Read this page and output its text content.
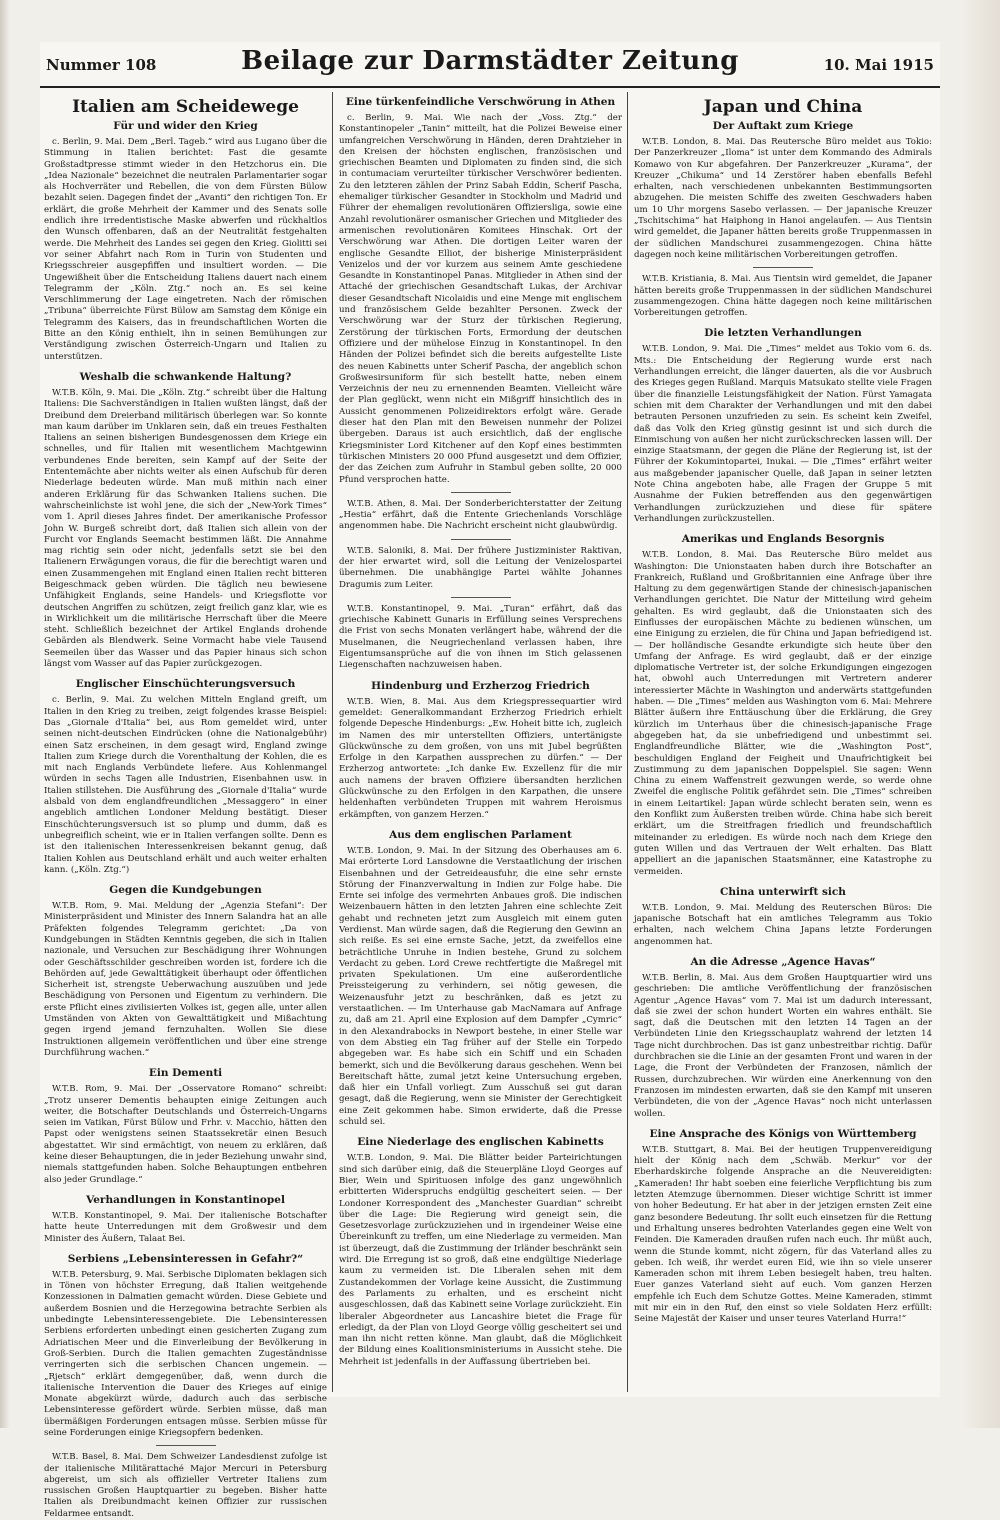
Nummer 108	Beilage zur Darmstädter Zeitung	10. Mai 1915
Italien am Scheidewege
Für und wider den Krieg

c. Berlin, 9. Mai. Dem „Berl. Tageb.“ wird aus Lugano über die Stimmung in Italien berichtet: Fast die gesamte Großstadtpresse stimmt wieder in den Hetzchorus ein. Die „Idea Nazionale“ bezeichnet die neutralen Parlamentarier sogar als Hochverräter und Rebellen, die von dem Fürsten Bülow bezahlt seien. Dagegen findet der „Avanti“ den richtigen Ton. Er erklärt, die große Mehrheit der Kammer und des Senats solle endlich ihre irredentistische Maske abwerfen und rückhaltlos den Wunsch offenbaren, daß an der Neutralität festgehalten werde. Die Mehrheit des Landes sei gegen den Krieg. Giolitti sei vor seiner Abfahrt nach Rom in Turin von Studenten und Kriegsschreier ausgepfiffen und insultiert worden. — Die Ungewißheit über die Entscheidung Italiens dauert nach einem Telegramm der „Köln. Ztg.“ noch an. Es sei keine Verschlimmerung der Lage eingetreten. Nach der römischen „Tribuna“ überreichte Fürst Bülow am Samstag dem Könige ein Telegramm des Kaisers, das in freundschaftlichen Worten die Bitte an den König enthielt, ihn in seinen Bemühungen zur Verständigung zwischen Österreich-Ungarn und Italien zu unterstützen.

Weshalb die schwankende Haltung?

W.T.B. Köln, 9. Mai. Die „Köln. Ztg.“ schreibt über die Haltung Italiens: Die Sachverständigen in Italien wußten längst, daß der Dreibund dem Dreierband militärisch überlegen war. So konnte man kaum darüber im Unklaren sein, daß ein treues Festhalten Italiens an seinen bisherigen Bundesgenossen dem Kriege ein schnelles, und für Italien mit wesentlichem Machtgewinn verbundenes Ende bereiten, sein Kampf auf der Seite der Ententemächte aber nichts weiter als einen Aufschub für deren Niederlage bedeuten würde. Man muß mithin nach einer anderen Erklärung für das Schwanken Italiens suchen. Die wahrscheinlichste ist wohl jene, die sich der „New-York Times“ vom 1. April dieses Jahres findet. Der amerikanische Professor John W. Burgeß schreibt dort, daß Italien sich allein von der Furcht vor Englands Seemacht bestimmen läßt. Die Annahme mag richtig sein oder nicht, jedenfalls setzt sie bei den Italienern Erwägungen voraus, die für die berechtigt waren und einen Zusammengehen mit England einen Italien recht bitteren Beigeschmack geben würden. Die täglich neu bewiesene Unfähigkeit Englands, seine Handels- und Kriegsflotte vor deutschen Angriffen zu schützen, zeigt freilich ganz klar, wie es in Wirklichkeit um die militärische Herrschaft über die Meere steht. Schließlich bezeichnet der Artikel Englands drohende Gebärden als Blendwerk. Seine Vormacht habe viele Tausend Seemeilen über das Wasser und das Papier hinaus sich schon längst vom Wasser auf das Papier zurückgezogen.

Englischer Einschüchterungsversuch

c. Berlin, 9. Mai. Zu welchen Mitteln England greift, um Italien in den Krieg zu treiben, zeigt folgendes krasse Beispiel: Das „Giornale d'Italia“ bei, aus Rom gemeldet wird, unter seinen nicht-deutschen Eindrücken (ohne die Nationalgebühr) einen Satz erscheinen, in dem gesagt wird, England zwinge Italien zum Kriege durch die Vorenthaltung der Kohlen, die es mit nach Englands Verbündete liefere. Aus Kohlenmangel würden in sechs Tagen alle Industrien, Eisenbahnen usw. in Italien stillstehen. Die Ausführung des „Giornale d'Italia“ wurde alsbald von dem englandfreundlichen „Messaggero“ in einer angeblich amtlichen Londoner Meldung bestätigt. Dieser Einschüchterungsversuch ist so plump und dumm, daß es unbegreiflich scheint, wie er in Italien verfangen sollte. Denn es ist den italienischen Interessenkreisen bekannt genug, daß Italien Kohlen aus Deutschland erhält und auch weiter erhalten kann. („Köln. Ztg.“)

Gegen die Kundgebungen

W.T.B. Rom, 9. Mai. Meldung der „Agenzia Stefani“: Der Ministerpräsident und Minister des Innern Salandra hat an alle Präfekten folgendes Telegramm gerichtet: „Da von Kundgebungen in Städten Kenntnis gegeben, die sich in Italien nazionale, und Versuchen zur Beschädigung ihrer Wohnungen oder Geschäftsschilder geschreiben worden ist, fordere ich die Behörden auf, jede Gewalttätigkeit überhaupt oder öffentlichen Sicherheit ist, strengste Ueberwachung auszuüben und jede Beschädigung von Personen und Eigentum zu verhindern. Die erste Pflicht eines zivilisierten Volkes ist, gegen alle, unter allen Umständen von Akten von Gewalttätigkeit und Mißachtung gegen irgend jemand fernzuhalten. Wollen Sie diese Instruktionen allgemein veröffentlichen und über eine strenge Durchführung wachen.“

Ein Dementi

W.T.B. Rom, 9. Mai. Der „Osservatore Romano“ schreibt: „Trotz unserer Dementis behaupten einige Zeitungen auch weiter, die Botschafter Deutschlands und Österreich-Ungarns seien im Vatikan, Fürst Bülow und Frhr. v. Macchio, hätten den Papst oder wenigstens seinen Staatssekretär einen Besuch abgestattet. Wir sind ermächtigt, von neuem zu erklären, daß keine dieser Behauptungen, die in jeder Beziehung unwahr sind, niemals stattgefunden haben. Solche Behauptungen entbehren also jeder Grundlage.“

Verhandlungen in Konstantinopel

W.T.B. Konstantinopel, 9. Mai. Der italienische Botschafter hatte heute Unterredungen mit dem Großwesir und dem Minister des Äußern, Talaat Bei.

Serbiens „Lebensinteressen in Gefahr?“

W.T.B. Petersburg, 9. Mai. Serbische Diplomaten beklagen sich in Tönen von höchster Erregung, daß Italien weitgehende Konzessionen in Dalmatien gemacht würden. Diese Gebiete und außerdem Bosnien und die Herzegowina betrachte Serbien als unbedingte Lebensinteressengebiete. Die Lebensinteressen Serbiens erforderten unbedingt einen gesicherten Zugang zum Adriatischen Meer und die Einverleibung der Bevölkerung in Groß-Serbien. Durch die Italien gemachten Zugeständnisse verringerten sich die serbischen Chancen ungemein. — „Rjetsch“ erklärt demgegenüber, daß, wenn durch die italienische Intervention die Dauer des Krieges auf einige Monate abgekürzt würde, dadurch auch das serbische Lebensinteresse gefördert würde. Serbien müsse, daß man übermäßigen Forderungen entsagen müsse. Serbien müsse für seine Forderungen einige Kriegsopfern bedenken.

W.T.B. Basel, 8. Mai. Dem Schweizer Landesdienst zufolge ist der italienische Militärattaché Major Mercuri in Petersburg abgereist, um sich als offizieller Vertreter Italiens zum russischen Großen Hauptquartier zu begeben. Bisher hatte Italien als Dreibundmacht keinen Offizier zur russischen Feldarmee entsandt.

Eine türkenfeindliche Verschwörung in Athen

c. Berlin, 9. Mai. Wie nach der „Voss. Ztg.“ der Konstantinopeler „Tanin“ mitteilt, hat die Polizei Beweise einer umfangreichen Verschwörung in Händen, deren Drahtzieher in den Kreisen der höchsten englischen, französischen und griechischen Beamten und Diplomaten zu finden sind, die sich in contumaciam verurteilter türkischer Verschwörer bedienten. Zu den letzteren zählen der Prinz Sabah Eddin, Scherif Pascha, ehemaliger türkischer Gesandter in Stockholm und Madrid und Führer der ehemaligen revolutionären Offiziersliga, sowie eine Anzahl revolutionärer osmanischer Griechen und Mitglieder des armenischen revolutionären Komitees Hinschak. Ort der Verschwörung war Athen. Die dortigen Leiter waren der englische Gesandte Elliot, der bisherige Ministerpräsident Venizelos und der vor kurzem aus seinem Amte geschiedene Gesandte in Konstantinopel Panas. Mitglieder in Athen sind der Attaché der griechischen Gesandtschaft Lukas, der Archivar dieser Gesandtschaft Nicolaidis und eine Menge mit englischem und französischem Gelde bezahlter Personen. Zweck der Verschwörung war der Sturz der türkischen Regierung, Zerstörung der türkischen Forts, Ermordung der deutschen Offiziere und der mühelose Einzug in Konstantinopel. In den Händen der Polizei befindet sich die bereits aufgestellte Liste des neuen Kabinetts unter Scherif Pascha, der angeblich schon Großwesirsuniform für sich bestellt hatte, neben einem Verzeichnis der neu zu ernennenden Beamten. Vielleicht wäre der Plan geglückt, wenn nicht ein Mißgriff hinsichtlich des in Aussicht genommenen Polizeidirektors erfolgt wäre. Gerade dieser hat den Plan mit den Beweisen nunmehr der Polizei übergeben. Daraus ist auch ersichtlich, daß der englische Kriegsminister Lord Kitchener auf den Kopf eines bestimmten türkischen Ministers 20 000 Pfund ausgesetzt und dem Offizier, der das Zeichen zum Aufruhr in Stambul geben sollte, 20 000 Pfund versprochen hatte.

W.T.B. Athen, 8. Mai. Der Sonderberichterstatter der Zeitung „Hestia“ erfährt, daß die Entente Griechenlands Vorschläge angenommen habe. Die Nachricht erscheint nicht glaubwürdig.

W.T.B. Saloniki, 8. Mai. Der frühere Justizminister Raktivan, der hier erwartet wird, soll die Leitung der Venizelospartei übernehmen. Die unabhängige Partei wählte Johannes Dragumis zum Leiter.

W.T.B. Konstantinopel, 9. Mai. „Turan“ erfährt, daß das griechische Kabinett Gunaris in Erfüllung seines Versprechens die Frist von sechs Monaten verlängert habe, während der die Muselmanen, die Neugriechenland verlassen haben, ihre Eigentumsansprüche auf die von ihnen im Stich gelassenen Liegenschaften nachzuweisen haben.

Hindenburg und Erzherzog Friedrich

W.T.B. Wien, 8. Mai. Aus dem Kriegspressequartier wird gemeldet: Generalkommandant Erzherzog Friedrich erhielt folgende Depesche Hindenburgs: „Ew. Hoheit bitte ich, zugleich im Namen des mir unterstellten Offiziers, untertänigste Glückwünsche zu dem großen, von uns mit Jubel begrüßten Erfolge in den Karpathen aussprechen zu dürfen.“ — Der Erzherzog antwortete: „Ich danke Ew. Exzellenz für die mir auch namens der braven Offiziere übersandten herzlichen Glückwünsche zu den Erfolgen in den Karpathen, die unsere heldenhaften verbündeten Truppen mit wahrem Heroismus erkämpften, von ganzem Herzen.“

Aus dem englischen Parlament

W.T.B. London, 9. Mai. In der Sitzung des Oberhauses am 6. Mai erörterte Lord Lansdowne die Verstaatlichung der irischen Eisenbahnen und der Getreideausfuhr, die eine sehr ernste Störung der Finanzverwaltung in Indien zur Folge habe. Die Ernte sei infolge des vermehrten Anbaues groß. Die indischen Weizenbauern hätten in den letzten Jahren eine schlechte Zeit gehabt und rechneten jetzt zum Ausgleich mit einem guten Verdienst. Man würde sagen, daß die Regierung den Gewinn an sich reiße. Es sei eine ernste Sache, jetzt, da zweifellos eine beträchtliche Unruhe in Indien bestehe, Grund zu solchem Verdacht zu geben. Lord Crewe rechtfertigte die Maßregel mit privaten Spekulationen. Um eine außerordentliche Preissteigerung zu verhindern, sei nötig gewesen, die Weizenausfuhr jetzt zu beschränken, daß es jetzt zu verstaatlichen. — Im Unterhause gab MacNamara auf Anfrage zu, daß am 21. April eine Explosion auf dem Dampfer „Cymric“ in den Alexandrabocks in Newport bestehe, in einer Stelle war von dem Abstieg ein Tag früher auf der Stelle ein Torpedo abgegeben war. Es habe sich ein Schiff und ein Schaden bemerkt, sich und die Bevölkerung daraus geschehen. Wenn bei Bereitschaft hätte, zumal jetzt keine Untersuchung ergeben, daß hier ein Unfall vorliegt. Zum Ausschuß sei gut daran gesagt, daß die Regierung, wenn sie Minister der Gerechtigkeit eine Zeit gekommen habe. Simon erwiderte, daß die Presse schuld sei.

Eine Niederlage des englischen Kabinetts

W.T.B. London, 9. Mai. Die Blätter beider Parteirichtungen sind sich darüber einig, daß die Steuerpläne Lloyd Georges auf Bier, Wein und Spirituosen infolge des ganz ungewöhnlich erbitterten Widerspruchs endgültig gescheitert seien. — Der Londoner Korrespondent des „Manchester Guardian“ schreibt über die Lage: Die Regierung wird geneigt sein, die Gesetzesvorlage zurückzuziehen und in irgendeiner Weise eine Übereinkunft zu treffen, um eine Niederlage zu vermeiden. Man ist überzeugt, daß die Zustimmung der Irländer beschränkt sein wird. Die Erregung ist so groß, daß eine endgültige Niederlage kaum zu vermeiden ist. Die Liberalen sehen mit dem Zustandekommen der Vorlage keine Aussicht, die Zustimmung des Parlaments zu erhalten, und es erscheint nicht ausgeschlossen, daß das Kabinett seine Vorlage zurückzieht. Ein liberaler Abgeordneter aus Lancashire bietet die Frage für erledigt, da der Plan von Lloyd George völlig gescheitert sei und man ihn nicht retten könne. Man glaubt, daß die Möglichkeit der Bildung eines Koalitionsministeriums in Aussicht stehe. Die Mehrheit ist jedenfalls in der Auffassung übertrieben bei.

Japan und China
Der Auftakt zum Kriege

W.T.B. London, 8. Mai. Das Reutersche Büro meldet aus Tokio: Der Panzerkreuzer „Iloma“ ist unter dem Kommando des Admirals Komawo von Kur abgefahren. Der Panzerkreuzer „Kurama“, der Kreuzer „Chikuma“ und 14 Zerstörer haben ebenfalls Befehl erhalten, nach verschiedenen unbekannten Bestimmungsorten abzugehen. Die meisten Schiffe des zweiten Geschwaders haben um 10 Uhr morgens Sasebo verlassen. — Der japanische Kreuzer „Tschitschima“ hat Haiphong in Hanoi angelaufen. — Aus Tientsin wird gemeldet, die Japaner hätten bereits große Truppenmassen in der südlichen Mandschurei zusammengezogen. China hätte dagegen noch keine militärischen Vorbereitungen getroffen.

W.T.B. Kristiania, 8. Mai. Aus Tientsin wird gemeldet, die Japaner hätten bereits große Truppenmassen in der südlichen Mandschurei zusammengezogen. China hätte dagegen noch keine militärischen Vorbereitungen getroffen.

Die letzten Verhandlungen

W.T.B. London, 9. Mai. Die „Times“ meldet aus Tokio vom 6. ds. Mts.: Die Entscheidung der Regierung wurde erst nach Verhandlungen erreicht, die länger dauerten, als die vor Ausbruch des Krieges gegen Rußland. Marquis Matsukato stellte viele Fragen über die finanzielle Leistungsfähigkeit der Nation. Fürst Yamagata schien mit dem Charakter der Verhandlungen und mit den dabei betrauten Personen unzufrieden zu sein. Es scheint kein Zweifel, daß das Volk den Krieg günstig gesinnt ist und sich durch die Einmischung von außen her nicht zurückschrecken lassen will. Der einzige Staatsmann, der gegen die Pläne der Regierung ist, ist der Führer der Kokumintopartei, Inukai. — Die „Times“ erfährt weiter aus maßgebender japanischer Quelle, daß Japan in seiner letzten Note China angeboten habe, alle Fragen der Gruppe 5 mit Ausnahme der Fukien betreffenden aus den gegenwärtigen Verhandlungen zurückzuziehen und diese für spätere Verhandlungen zurückzustellen.

Amerikas und Englands Besorgnis

W.T.B. London, 8. Mai. Das Reutersche Büro meldet aus Washington: Die Unionstaaten haben durch ihre Botschafter an Frankreich, Rußland und Großbritannien eine Anfrage über ihre Haltung zu dem gegenwärtigen Stande der chinesisch-japanischen Verhandlungen gerichtet. Die Natur der Mitteilung wird geheim gehalten. Es wird geglaubt, daß die Unionstaaten sich des Einflusses der europäischen Mächte zu bedienen wünschen, um eine Einigung zu erzielen, die für China und Japan befriedigend ist. — Der holländische Gesandte erkundigte sich heute über den Umfang der Anfrage. Es wird geglaubt, daß er der einzige diplomatische Vertreter ist, der solche Erkundigungen eingezogen hat, obwohl auch Unterredungen mit Vertretern anderer interessierter Mächte in Washington und anderwärts stattgefunden haben. — Die „Times“ melden aus Washington vom 6. Mai: Mehrere Blätter äußern ihre Enttäuschung über die Erklärung, die Grey kürzlich im Unterhaus über die chinesisch-japanische Frage abgegeben hat, da sie unbefriedigend und unbestimmt sei. Englandfreundliche Blätter, wie die „Washington Post“, beschuldigen England der Feigheit und Unaufrichtigkeit bei Zustimmung zu dem japanischen Doppelspiel. Sie sagen: Wenn China zu einem Waffenstreit gezwungen werde, so werde ohne Zweifel die englische Politik gefährdet sein. Die „Times“ schreiben in einem Leitartikel: Japan würde schlecht beraten sein, wenn es den Konflikt zum Äußersten treiben würde. China habe sich bereit erklärt, um die Streitfragen friedlich und freundschaftlich miteinander zu erledigen. Es würde noch nach dem Kriege den guten Willen und das Vertrauen der Welt erhalten. Das Blatt appelliert an die japanischen Staatsmänner, eine Katastrophe zu vermeiden.

China unterwirft sich

W.T.B. London, 9. Mai. Meldung des Reuterschen Büros: Die japanische Botschaft hat ein amtliches Telegramm aus Tokio erhalten, nach welchem China Japans letzte Forderungen angenommen hat.

An die Adresse „Agence Havas“

W.T.B. Berlin, 8. Mai. Aus dem Großen Hauptquartier wird uns geschrieben: Die amtliche Veröffentlichung der französischen Agentur „Agence Havas“ vom 7. Mai ist um dadurch interessant, daß sie zwei der schon hundert Worten ein wahres enthält. Sie sagt, daß die Deutschen mit den letzten 14 Tagen an der Verbündeten Linie den Kriegsschauplatz wahrend der letzten 14 Tage nicht durchbrochen. Das ist ganz unbestreitbar richtig. Dafür durchbrachen sie die Linie an der gesamten Front und waren in der Lage, die Front der Verbündeten der Franzosen, nämlich der Russen, durchzubrechen. Wir würden eine Anerkennung von den Franzosen im mindesten erwarten, daß sie den Kampf mit unseren Verbündeten, die von der „Agence Havas“ noch nicht unterlassen wollen.

Eine Ansprache des Königs von Württemberg

W.T.B. Stuttgart, 8. Mai. Bei der heutigen Truppenvereidigung hielt der König nach dem „Schwäb. Merkur“ vor der Eberhardskirche folgende Ansprache an die Neuvereidigten: „Kameraden! Ihr habt soeben eine feierliche Verpflichtung bis zum letzten Atemzuge übernommen. Dieser wichtige Schritt ist immer von hoher Bedeutung. Er hat aber in der jetzigen ernsten Zeit eine ganz besondere Bedeutung. Ihr sollt euch einsetzen für die Rettung und Erhaltung unseres bedrohten Vaterlandes gegen eine Welt von Feinden. Die Kameraden draußen rufen nach euch. Ihr müßt auch, wenn die Stunde kommt, nicht zögern, für das Vaterland alles zu geben. Ich weiß, ihr werdet euren Eid, wie ihn so viele unserer Kameraden schon mit ihrem Leben besiegelt haben, treu halten. Euer ganzes Vaterland sieht auf euch. Vom ganzen Herzen empfehle ich Euch dem Schutze Gottes. Meine Kameraden, stimmt mit mir ein in den Ruf, den einst so viele Soldaten Herz erfüllt: Seine Majestät der Kaiser und unser teures Vaterland Hurra!“
